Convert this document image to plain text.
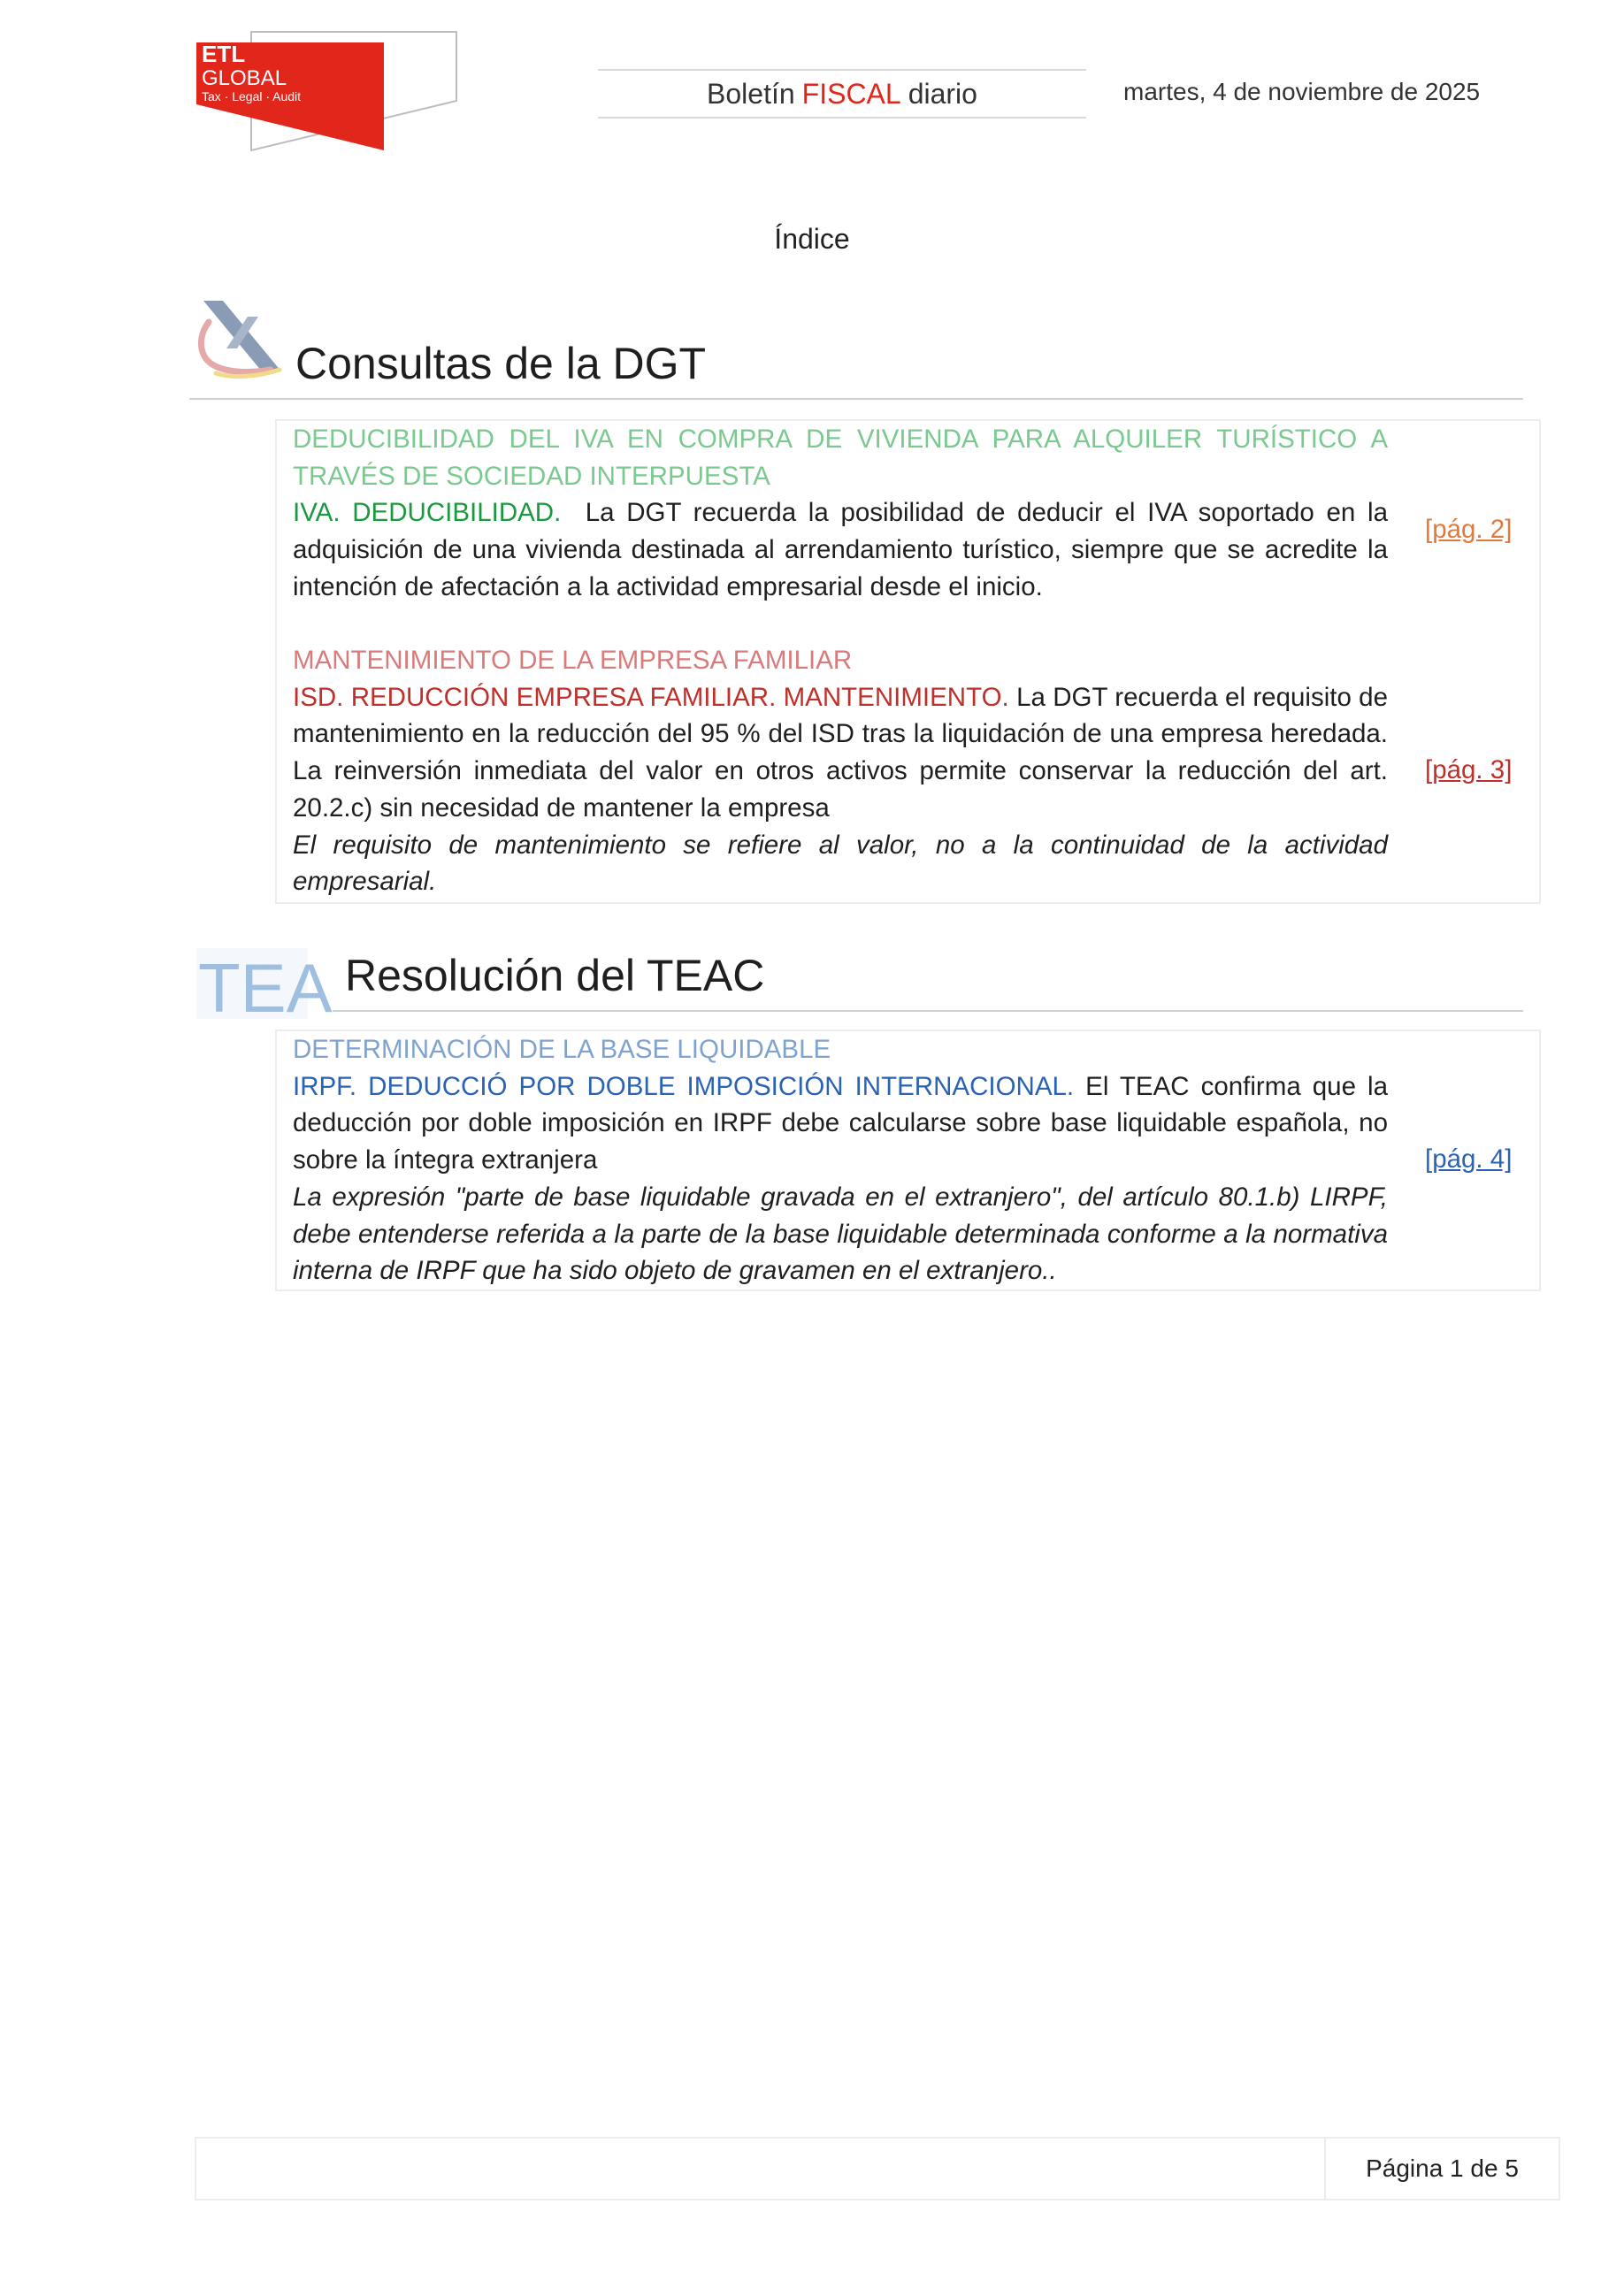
ETL
GLOBAL
Tax · Legal · Audit	Boletín FISCAL diario	martes, 4 de noviembre de 2025
Índice
Consultas de la DGT

DEDUCIBILIDAD DEL IVA EN COMPRA DE VIVIENDA PARA ALQUILER TURÍSTICO A TRAVÉS DE SOCIEDAD INTERPUESTA

IVA. DEDUCIBILIDAD. La DGT recuerda la posibilidad de deducir el IVA soportado en la adquisición de una vivienda destinada al arrendamiento turístico, siempre que se acredite la intención de afectación a la actividad empresarial desde el inicio.

[pág. 2]

MANTENIMIENTO DE LA EMPRESA FAMILIAR

ISD. REDUCCIÓN EMPRESA FAMILIAR. MANTENIMIENTO. La DGT recuerda el requisito de mantenimiento en la reducción del 95 % del ISD tras la liquidación de una empresa heredada. La reinversión inmediata del valor en otros activos permite conservar la reducción del art. 20.2.c) sin necesidad de mantener la empresa

El requisito de mantenimiento se refiere al valor, no a la continuidad de la actividad empresarial.

[pág. 3]
TEA Resolución del TEAC

DETERMINACIÓN DE LA BASE LIQUIDABLE

IRPF. DEDUCCIÓ POR DOBLE IMPOSICIÓN INTERNACIONAL. El TEAC confirma que la deducción por doble imposición en IRPF debe calcularse sobre base liquidable española, no sobre la íntegra extranjera

La expresión "parte de base liquidable gravada en el extranjero", del artículo 80.1.b) LIRPF, debe entenderse referida a la parte de la base liquidable determinada conforme a la normativa interna de IRPF que ha sido objeto de gravamen en el extranjero..

[pág. 4]
Página 1 de 5
